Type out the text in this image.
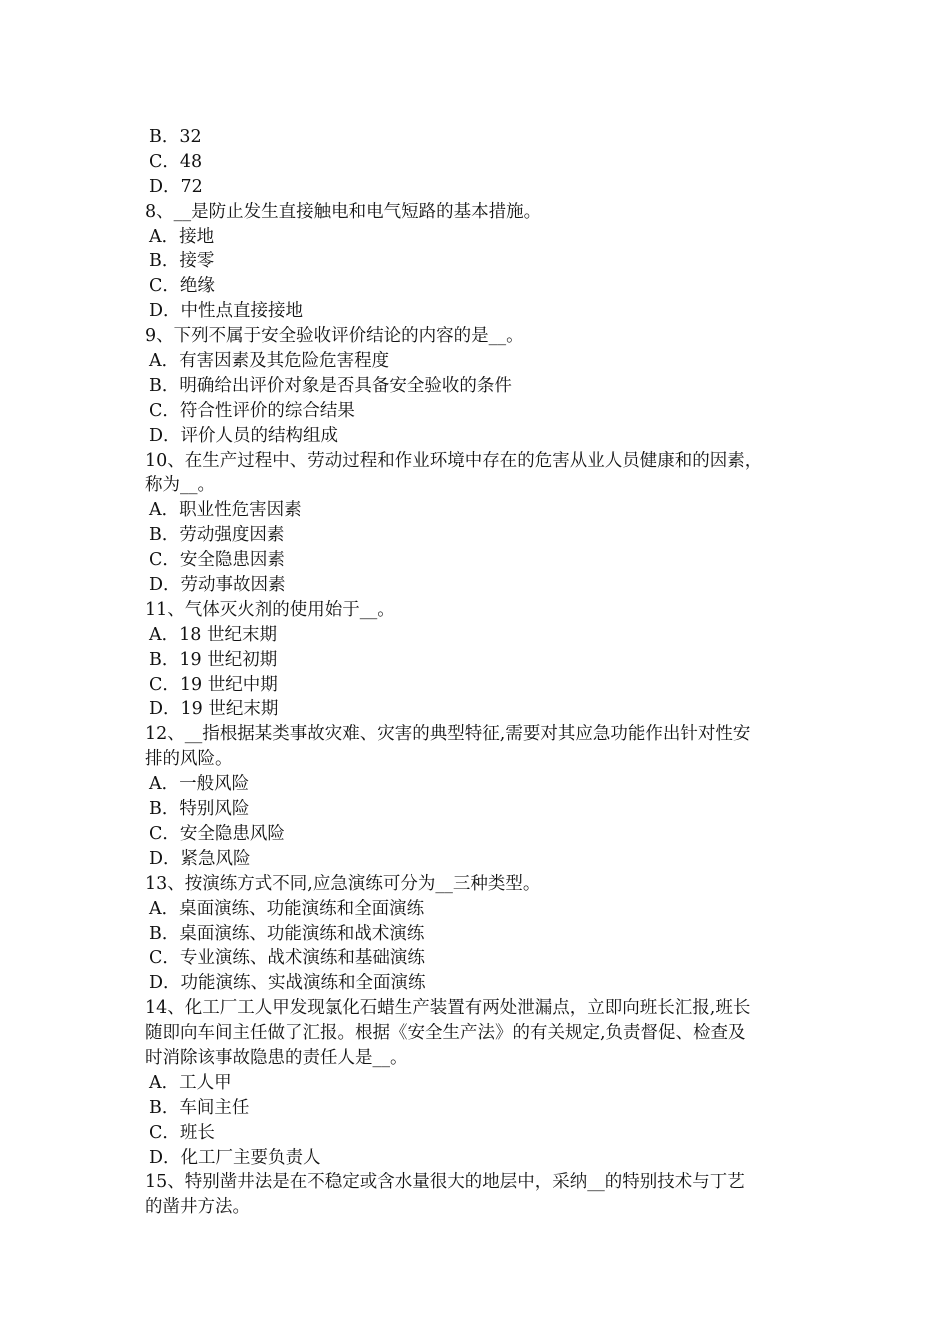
B．32
C．48
D．72
8、__是防止发生直接触电和电气短路的基本措施。
A．接地
B．接零
C．绝缘
D．中性点直接接地
9、下列不属于安全验收评价结论的内容的是__。
A．有害因素及其危险危害程度
B．明确给出评价对象是否具备安全验收的条件
C．符合性评价的综合结果
D．评价人员的结构组成
10、在生产过程中、劳动过程和作业环境中存在的危害从业人员健康和的因素，
称为__。
A．职业性危害因素
B．劳动强度因素
C．安全隐患因素
D．劳动事故因素
11、气体灭火剂的使用始于__。
A．18 世纪末期
B．19 世纪初期
C．19 世纪中期
D．19 世纪末期
12、__指根据某类事故灾难、灾害的典型特征,需要对其应急功能作出针对性安
排的风险。
A．一般风险
B．特别风险
C．安全隐患风险
D．紧急风险
13、按演练方式不同,应急演练可分为__三种类型。
A．桌面演练、功能演练和全面演练
B．桌面演练、功能演练和战术演练
C．专业演练、战术演练和基础演练
D．功能演练、实战演练和全面演练
14、化工厂工人甲发现氯化石蜡生产装置有两处泄漏点，立即向班长汇报,班长
随即向车间主任做了汇报。根据《安全生产法》的有关规定,负责督促、检查及
时消除该事故隐患的责任人是__。
A．工人甲
B．车间主任
C．班长
D．化工厂主要负责人
15、特别凿井法是在不稳定或含水量很大的地层中，采纳__的特别技术与丁艺
的凿井方法。
